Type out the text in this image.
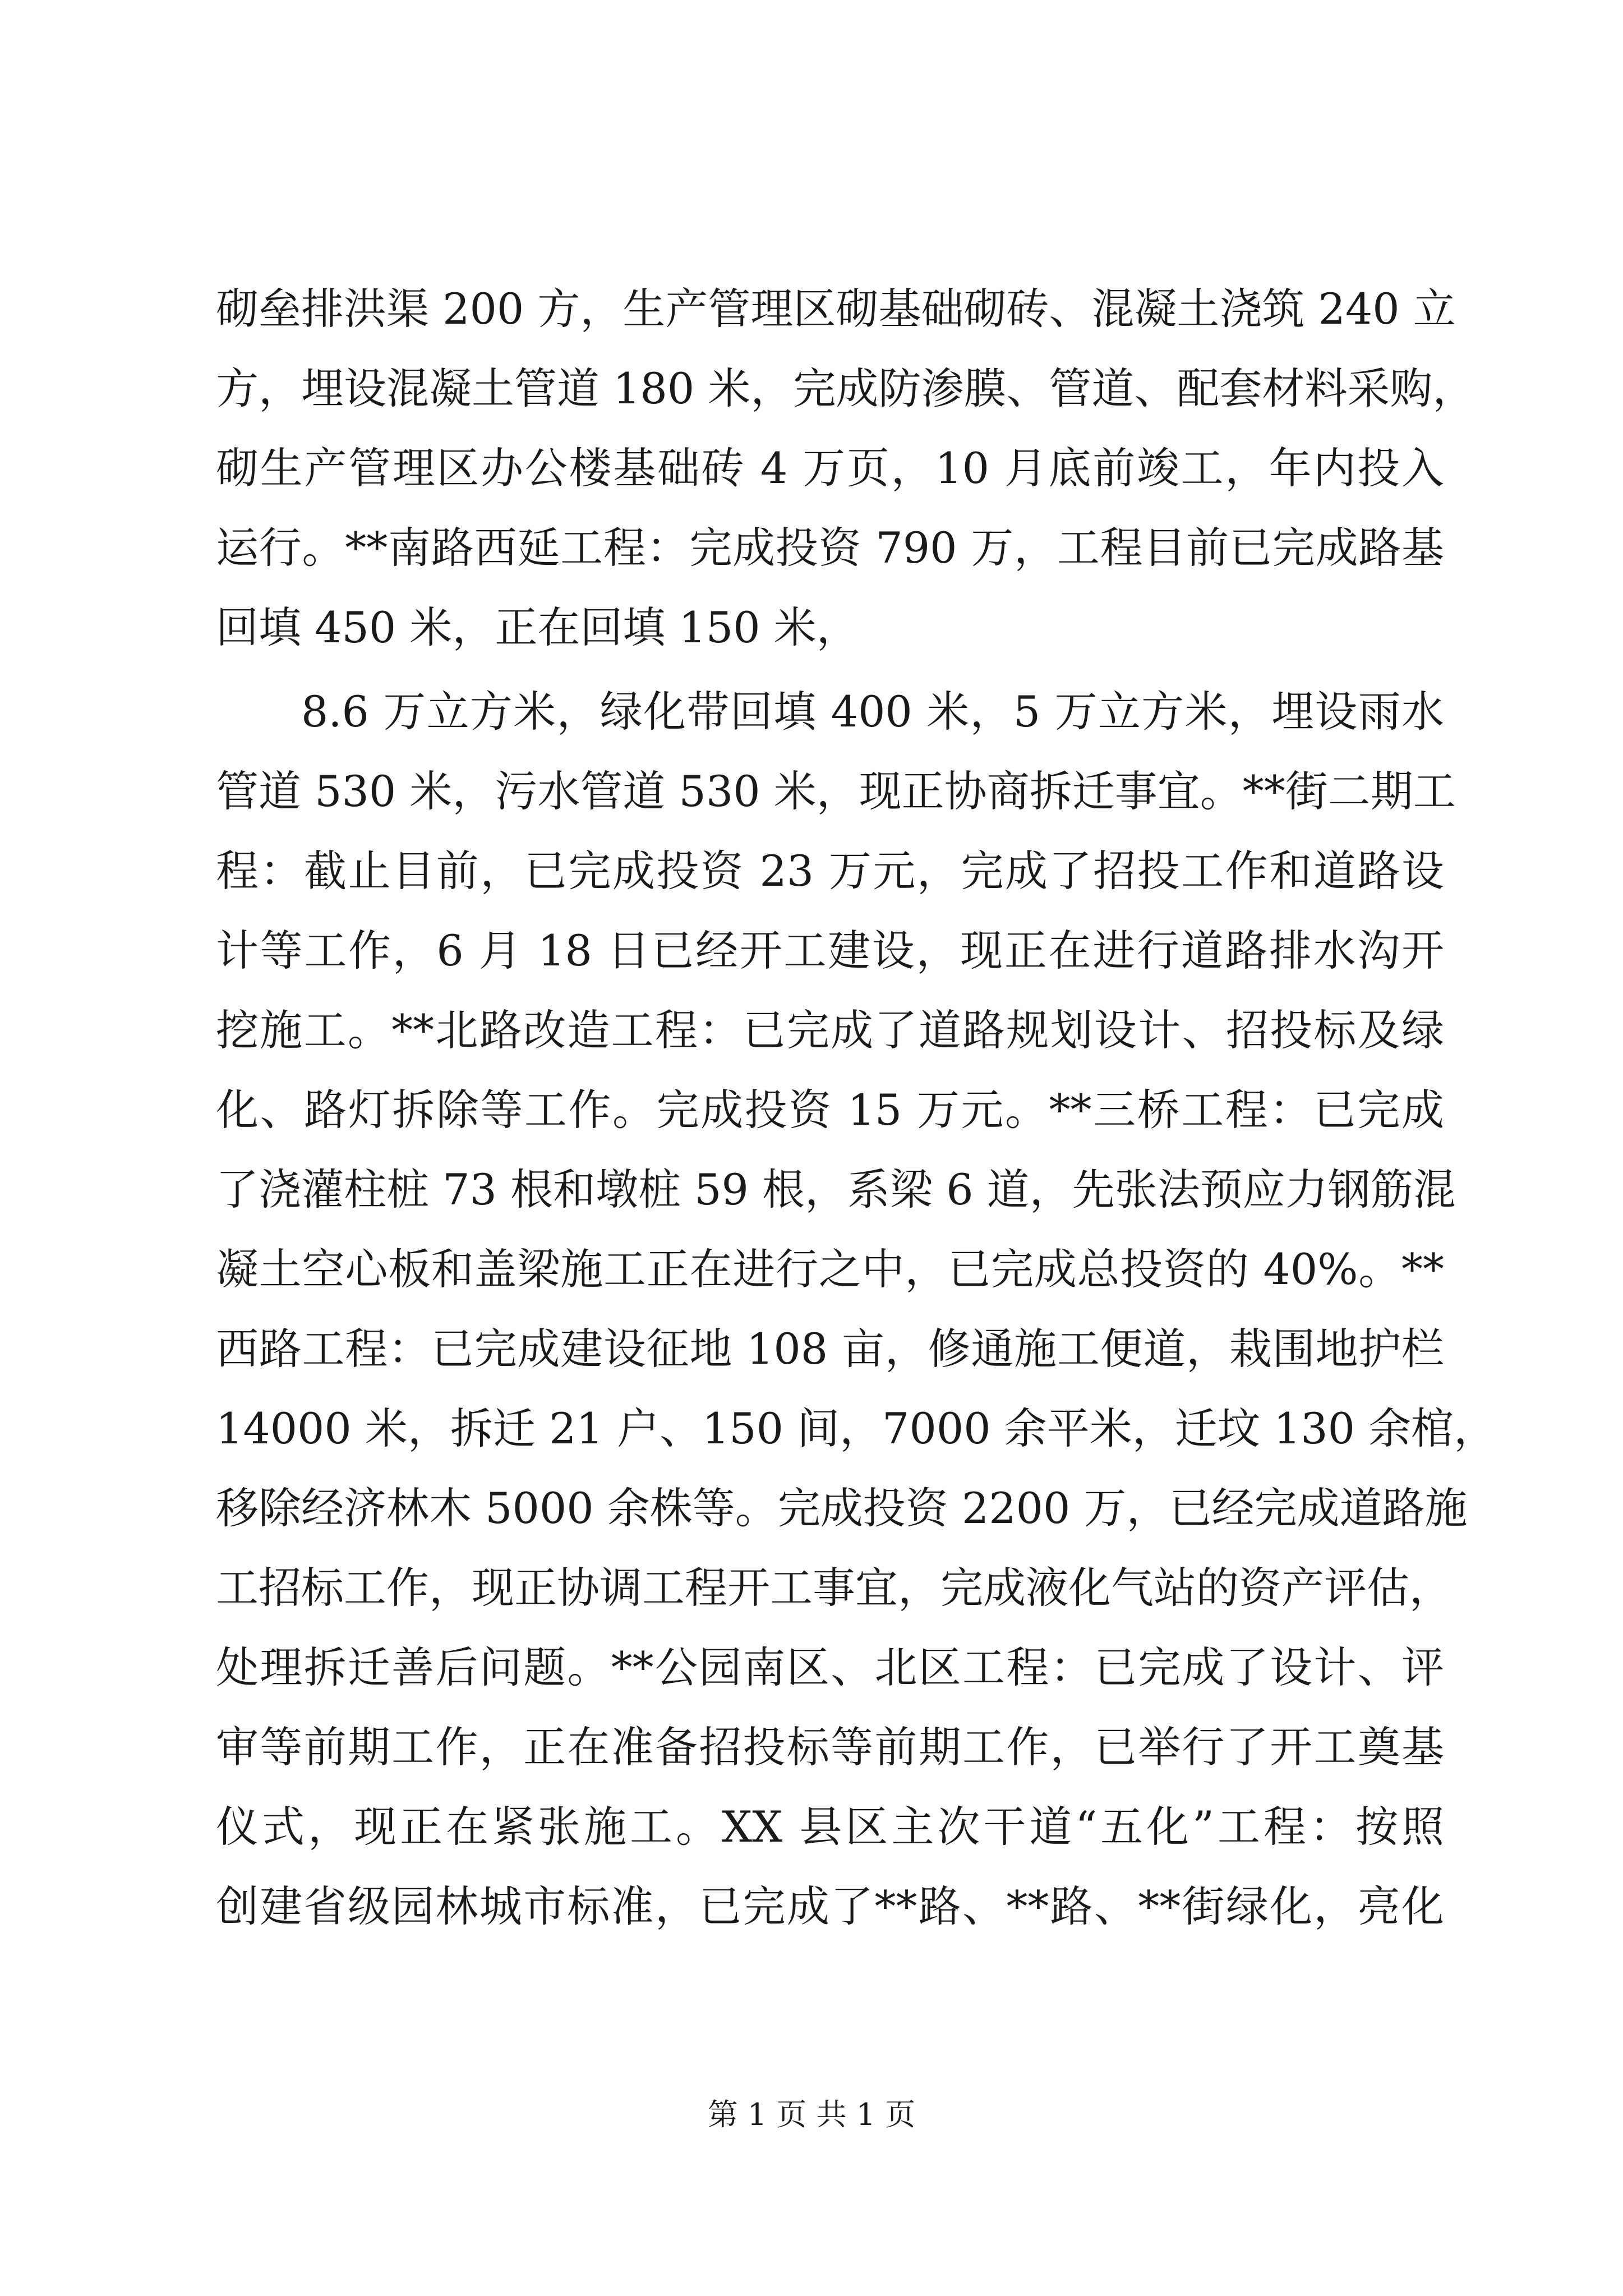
砌垒排洪渠 200 方，生产管理区砌基础砌砖、混凝土浇筑 240 立
方，埋设混凝土管道 180 米，完成防渗膜、管道、配套材料采购，
砌生产管理区办公楼基础砖 4 万页，10 月底前竣工，年内投入
运行。**南路西延工程：完成投资 790 万，工程目前已完成路基
回填 450 米，正在回填 150 米，
8.6 万立方米，绿化带回填 400 米，5 万立方米，埋设雨水
管道 530 米，污水管道 530 米，现正协商拆迁事宜。**街二期工
程：截止目前，已完成投资 23 万元，完成了招投工作和道路设
计等工作，6 月 18 日已经开工建设，现正在进行道路排水沟开
挖施工。**北路改造工程：已完成了道路规划设计、招投标及绿
化、路灯拆除等工作。完成投资 15 万元。**三桥工程：已完成
了浇灌柱桩 73 根和墩桩 59 根，系梁 6 道，先张法预应力钢筋混
凝土空心板和盖梁施工正在进行之中，已完成总投资的 40%。**
西路工程：已完成建设征地 108 亩，修通施工便道，栽围地护栏
14000 米，拆迁 21 户、150 间，7000 余平米，迁坟 130 余棺，
移除经济林木 5000 余株等。完成投资 2200 万，已经完成道路施
工招标工作，现正协调工程开工事宜，完成液化气站的资产评估，
处理拆迁善后问题。**公园南区、北区工程：已完成了设计、评
审等前期工作，正在准备招投标等前期工作，已举行了开工奠基
仪式，现正在紧张施工。XX 县区主次干道“五化”工程：按照
创建省级园林城市标准，已完成了**路、**路、**街绿化，亮化
第 1 页 共 1 页
